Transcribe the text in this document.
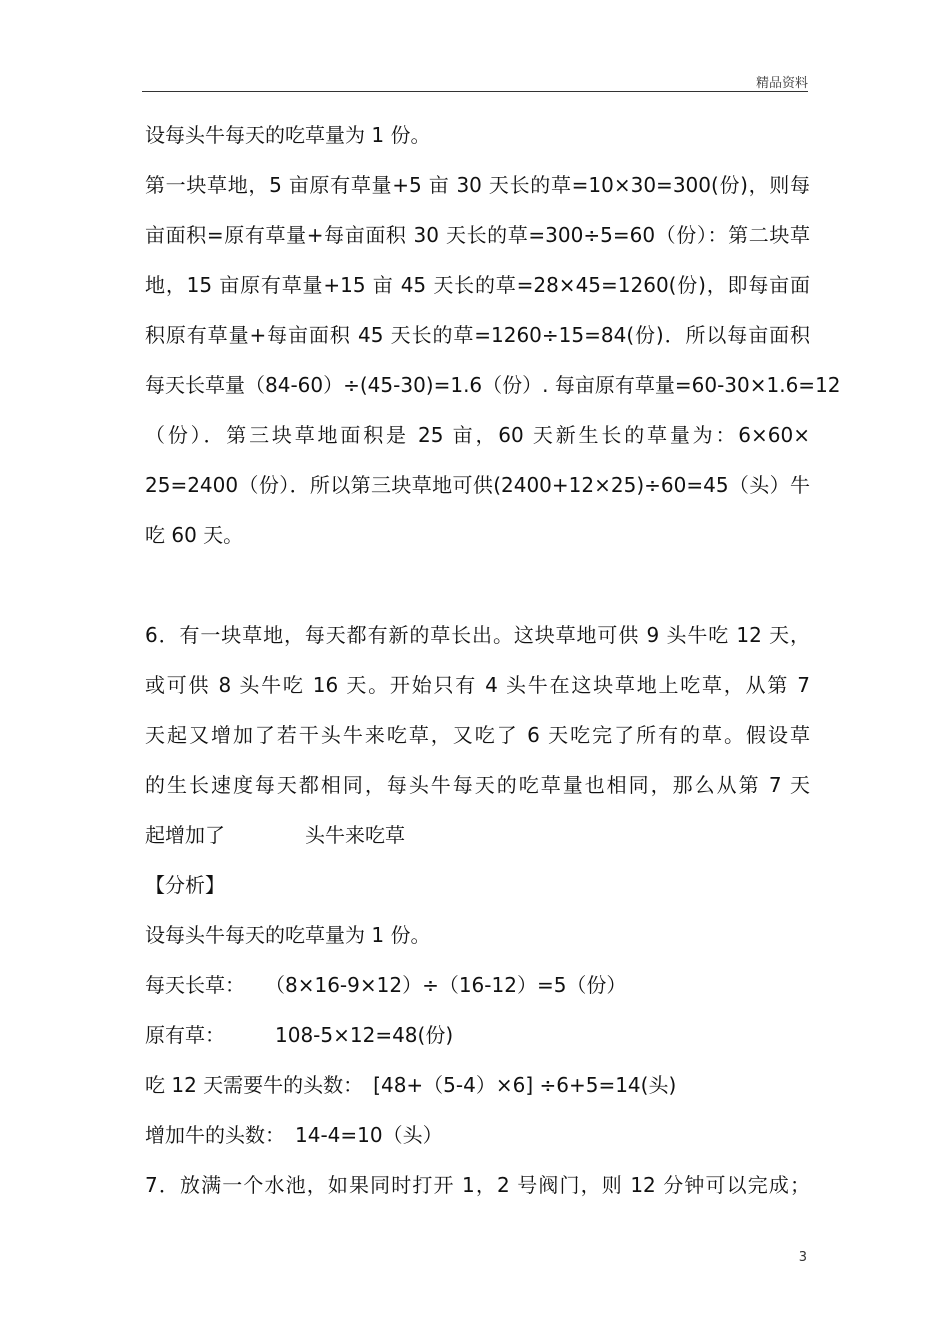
精品资料
设每头牛每天的吃草量为 1 份。
第一块草地，5 亩原有草量+5 亩 30 天长的草=10×30=300(份)，则每
亩面积=原有草量+每亩面积 30 天长的草=300÷5=60（份）：第二块草
地，15 亩原有草量+15 亩 45 天长的草=28×45=1260(份)，即每亩面
积原有草量+每亩面积 45 天长的草=1260÷15=84(份)．所以每亩面积
每天长草量（84-60）÷(45-30)=1.6（份）. 每亩原有草量=60-30×1.6=12
（份）．第三块草地面积是 25 亩，60 天新生长的草量为：6×60×
25=2400（份）．所以第三块草地可供(2400+12×25)÷60=45（头）牛
吃 60 天。
6．有一块草地，每天都有新的草长出。这块草地可供 9 头牛吃 12 天，
或可供 8 头牛吃 16 天。开始只有 4 头牛在这块草地上吃草，从第 7
天起又增加了若干头牛来吃草，又吃了 6 天吃完了所有的草。假设草
的生长速度每天都相同，每头牛每天的吃草量也相同，那么从第 7 天
起增加了　　　　头牛来吃草
【分析】
设每头牛每天的吃草量为 1 份。
每天长草：　　（8×16-9×12）÷（16-12）=5（份）
原有草：　　　108-5×12=48(份)
吃 12 天需要牛的头数：　[48+（5-4）×6] ÷6+5=14(头)
增加牛的头数：　14-4=10（头）
7．放满一个水池，如果同时打开 1，2 号阀门，则 12 分钟可以完成；
3
